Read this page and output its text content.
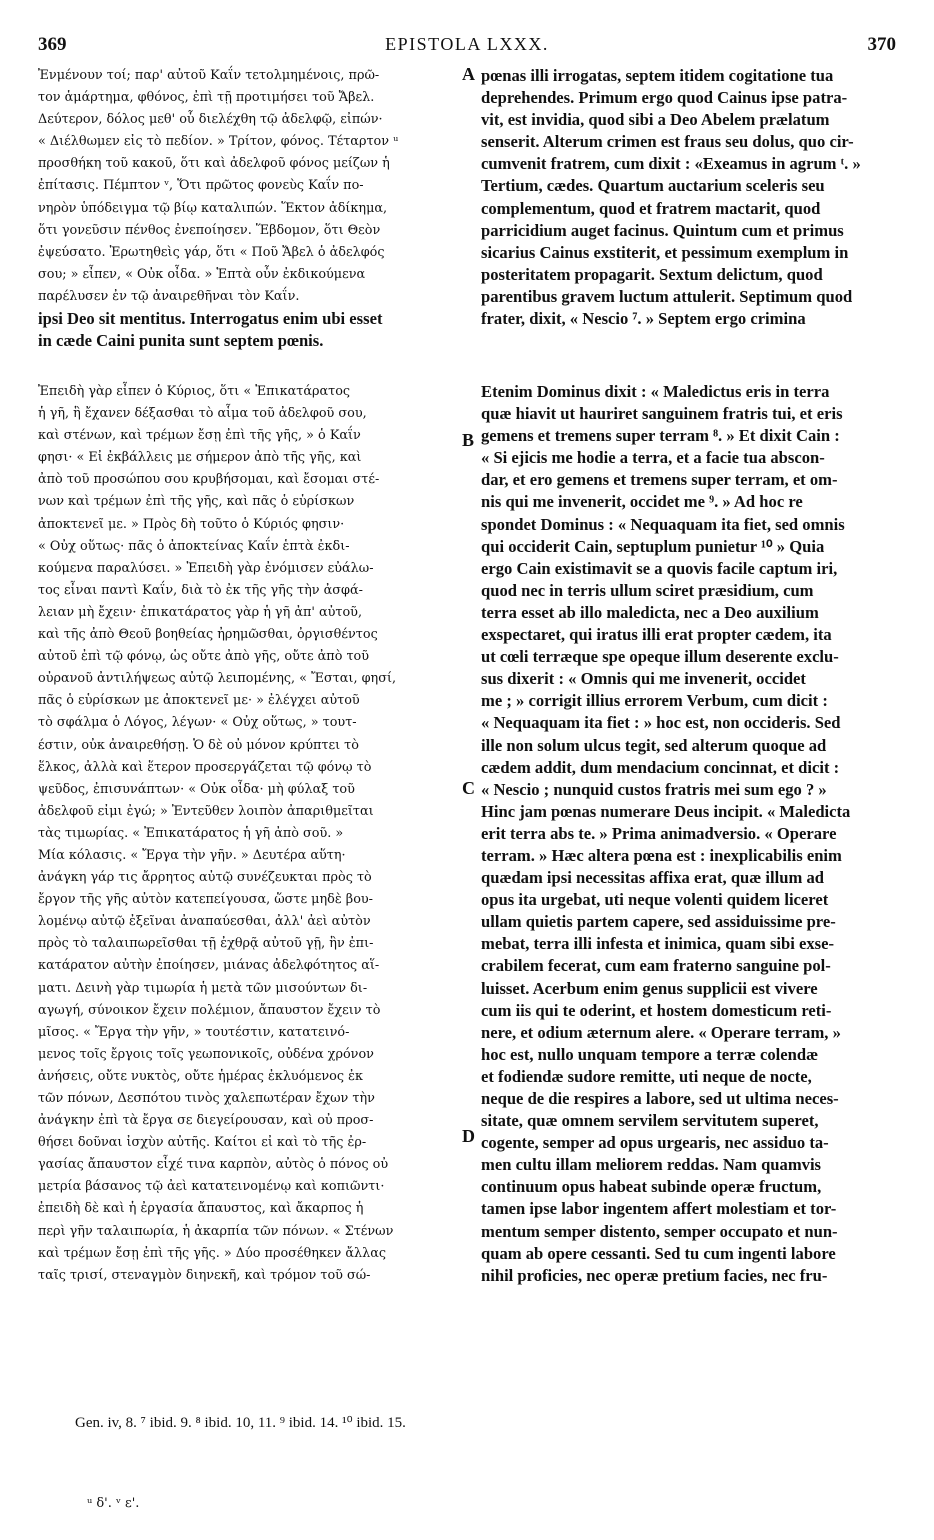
369	EPISTOLA LXXX.	370
Ἐνμένουν τοί; παρ' αὐτοῦ Καΐν τετολμημένοις, πρῶ-
τον ἁμάρτημα, φθόνος, ἐπὶ τῇ προτιμήσει τοῦ Ἄβελ.
Δεύτερον, δόλος μεθ' οὗ διελέχθη τῷ ἀδελφῷ, εἰπών·
« Διέλθωμεν εἰς τὸ πεδίον. » Τρίτον, φόνος. Τέταρτον ᵘ
προσθήκη τοῦ κακοῦ, ὅτι καὶ ἀδελφοῦ φόνος μείζων ἡ
ἐπίτασις. Πέμπτον ᵛ, Ὅτι πρῶτος φονεὺς Καΐν πο-
νηρὸν ὑπόδειγμα τῷ βίῳ καταλιπών. Ἕκτον ἀδίκημα,
ὅτι γονεῦσιν πένθος ἐνεποίησεν. Ἕβδομον, ὅτι Θεὸν
ἐψεύσατο. Ἐρωτηθεὶς γάρ, ὅτι « Ποῦ Ἄβελ ὁ ἀδελφός
σου; » εἶπεν, « Οὐκ οἶδα. » Ἑπτὰ οὖν ἐκδικούμενα
παρέλυσεν ἐν τῷ ἀναιρεθῆναι τὸν Καΐν.
ipsi Deo sit mentitus. Interrogatus enim ubi esset
in cæde Caini punita sunt septem pœnis.
pœnas illi irrogatas, septem itidem cogitatione tua
deprehendes. Primum ergo quod Cainus ipse patra-
vit, est invidia, quod sibi a Deo Abelem prælatum
senserit. Alterum crimen est fraus seu dolus, quo cir-
cumvenit fratrem, cum dixit : «Exeamus in agrum ᵗ. »
Tertium, cædes. Quartum auctarium sceleris seu
complementum, quod et fratrem mactarit, quod
parricidium auget facinus. Quintum cum et primus
sicarius Cainus exstiterit, et pessimum exemplum in
posteritatem propagarit. Sextum delictum, quod
parentibus gravem luctum attulerit. Septimum quod
frater, dixit, « Nescio ⁷. » Septem ergo crimina
Ἐπειδὴ γὰρ εἶπεν ὁ Κύριος, ὅτι « Ἐπικατάρατος
ἡ γῆ, ἣ ἔχανεν δέξασθαι τὸ αἷμα τοῦ ἀδελφοῦ σου,
καὶ στένων, καὶ τρέμων ἔσῃ ἐπὶ τῆς γῆς, » ὁ Καΐν
φησι· « Εἰ ἐκβάλλεις με σήμερον ἀπὸ τῆς γῆς, καὶ
ἀπὸ τοῦ προσώπου σου κρυβήσομαι, καὶ ἔσομαι στέ-
νων καὶ τρέμων ἐπὶ τῆς γῆς, καὶ πᾶς ὁ εὑρίσκων
ἀποκτενεῖ με. » Πρὸς δὴ τοῦτο ὁ Κύριός φησιν·
« Οὐχ οὕτως· πᾶς ὁ ἀποκτείνας Καΐν ἑπτὰ ἐκδι-
κούμενα παραλύσει. » Ἐπειδὴ γὰρ ἐνόμισεν εὐάλω-
τος εἶναι παντὶ Καΐν, διὰ τὸ ἐκ τῆς γῆς τὴν ἀσφά-
λειαν μὴ ἔχειν· ἐπικατάρατος γὰρ ἡ γῆ ἀπ' αὐτοῦ,
καὶ τῆς ἀπὸ Θεοῦ βοηθείας ἠρημῶσθαι, ὀργισθέντος
αὐτοῦ ἐπὶ τῷ φόνῳ, ὡς οὔτε ἀπὸ γῆς, οὔτε ἀπὸ τοῦ
οὐρανοῦ ἀντιλήψεως αὐτῷ λειπομένης, « Ἔσται, φησί,
πᾶς ὁ εὑρίσκων με ἀποκτενεῖ με· » ἐλέγχει αὐτοῦ
τὸ σφάλμα ὁ Λόγος, λέγων· « Οὐχ οὕτως, » τουτ-
έστιν, οὐκ ἀναιρεθήσῃ. Ὁ δὲ οὐ μόνον κρύπτει τὸ
ἕλκος, ἀλλὰ καὶ ἕτερον προσεργάζεται τῷ φόνῳ τὸ
ψεῦδος, ἐπισυνάπτων· « Οὐκ οἶδα· μὴ φύλαξ τοῦ
ἀδελφοῦ εἰμι ἐγώ; » Ἐντεῦθεν λοιπὸν ἀπαριθμεῖται
τὰς τιμωρίας. « Ἐπικατάρατος ἡ γῆ ἀπὸ σοῦ. »
Μία κόλασις. « Ἔργα τὴν γῆν. » Δευτέρα αὕτη·
ἀνάγκη γάρ τις ἄρρητος αὐτῷ συνέζευκται πρὸς τὸ
ἔργον τῆς γῆς αὐτὸν κατεπείγουσα, ὥστε μηδὲ βου-
λομένῳ αὐτῷ ἐξεῖναι ἀναπαύεσθαι, ἀλλ' ἀεὶ αὐτὸν
πρὸς τὸ ταλαιπωρεῖσθαι τῇ ἐχθρᾷ αὐτοῦ γῇ, ἣν ἐπι-
κατάρατον αὐτὴν ἐποίησεν, μιάνας ἀδελφότητος αἵ-
ματι. Δεινὴ γὰρ τιμωρία ἡ μετὰ τῶν μισούντων δι-
αγωγή, σύνοικον ἔχειν πολέμιον, ἄπαυστον ἔχειν τὸ
μῖσος. « Ἔργα τὴν γῆν, » τουτέστιν, κατατεινό-
μενος τοῖς ἔργοις τοῖς γεωπονικοῖς, οὐδένα χρόνον
ἀνήσεις, οὔτε νυκτὸς, οὔτε ἡμέρας ἐκλυόμενος ἐκ
τῶν πόνων, Δεσπότου τινὸς χαλεπωτέραν ἔχων τὴν
ἀνάγκην ἐπὶ τὰ ἔργα σε διεγείρουσαν, καὶ οὐ προσ-
θήσει δοῦναι ἰσχὺν αὐτῆς. Καίτοι εἰ καὶ τὸ τῆς ἐρ-
γασίας ἄπαυστον εἶχέ τινα καρπὸν, αὐτὸς ὁ πόνος οὐ
μετρία βάσανος τῷ ἀεὶ κατατεινομένῳ καὶ κοπιῶντι·
ἐπειδὴ δὲ καὶ ἡ ἐργασία ἄπαυστος, καὶ ἄκαρπος ἡ
περὶ γῆν ταλαιπωρία, ἡ ἀκαρπία τῶν πόνων. « Στένων
καὶ τρέμων ἔσῃ ἐπὶ τῆς γῆς. » Δύο προσέθηκεν ἄλλας
ταῖς τρισί, στεναγμὸν διηνεκῆ, καὶ τρόμον τοῦ σώ-
Etenim Dominus dixit : « Maledictus eris in terra
quæ hiavit ut hauriret sanguinem fratris tui, et eris
gemens et tremens super terram ⁸. » Et dixit Cain :
« Si ejicis me hodie a terra, et a facie tua abscon-
dar, et ero gemens et tremens super terram, et om-
nis qui me invenerit, occidet me ⁹. » Ad hoc re
spondet Dominus : « Nequaquam ita fiet, sed omnis
qui occiderit Cain, septuplum punietur ¹⁰ » Quia
ergo Cain existimavit se a quovis facile captum iri,
quod nec in terris ullum sciret præsidium, cum
terra esset ab illo maledicta, nec a Deo auxilium
exspectaret, qui iratus illi erat propter cædem, ita
ut cœli terræque spe opeque illum deserente exclu-
sus dixerit : « Omnis qui me invenerit, occidet
me ; » corrigit illius errorem Verbum, cum dicit :
« Nequaquam ita fiet : » hoc est, non occideris. Sed
ille non solum ulcus tegit, sed alterum quoque ad
cædem addit, dum mendacium concinnat, et dicit :
« Nescio ; nunquid custos fratris mei sum ego ? »
Hinc jam pœnas numerare Deus incipit. « Maledicta
erit terra abs te. » Prima animadversio. « Operare
terram. » Hæc altera pœna est : inexplicabilis enim
quædam ipsi necessitas affixa erat, quæ illum ad
opus ita urgebat, uti neque volenti quidem liceret
ullam quietis partem capere, sed assiduissime pre-
mebat, terra illi infesta et inimica, quam sibi exse-
crabilem fecerat, cum eam fraterno sanguine pol-
luisset. Acerbum enim genus supplicii est vivere
cum iis qui te oderint, et hostem domesticum reti-
nere, et odium æternum alere. « Operare terram, »
hoc est, nullo unquam tempore a terræ colendæ
et fodiendæ sudore remitte, uti neque de nocte,
neque de die respires a labore, sed ut ultima neces-
sitate, quæ omnem servilem servitutem superet,
cogente, semper ad opus urgearis, nec assiduo ta-
men cultu illam meliorem reddas. Nam quamvis
continuum opus habeat subinde operæ fructum,
tamen ipse labor ingentem affert molestiam et tor-
mentum semper distento, semper occupato et nun-
quam ab opere cessanti. Sed tu cum ingenti labore
nihil proficies, nec operæ pretium facies, nec fru-
A
B
C
D
Gen. iv, 8. ⁷ ibid. 9. ⁸ ibid. 10, 11. ⁹ ibid. 14. ¹⁰ ibid. 15.
ᵘ δ'. ᵛ ε'.
